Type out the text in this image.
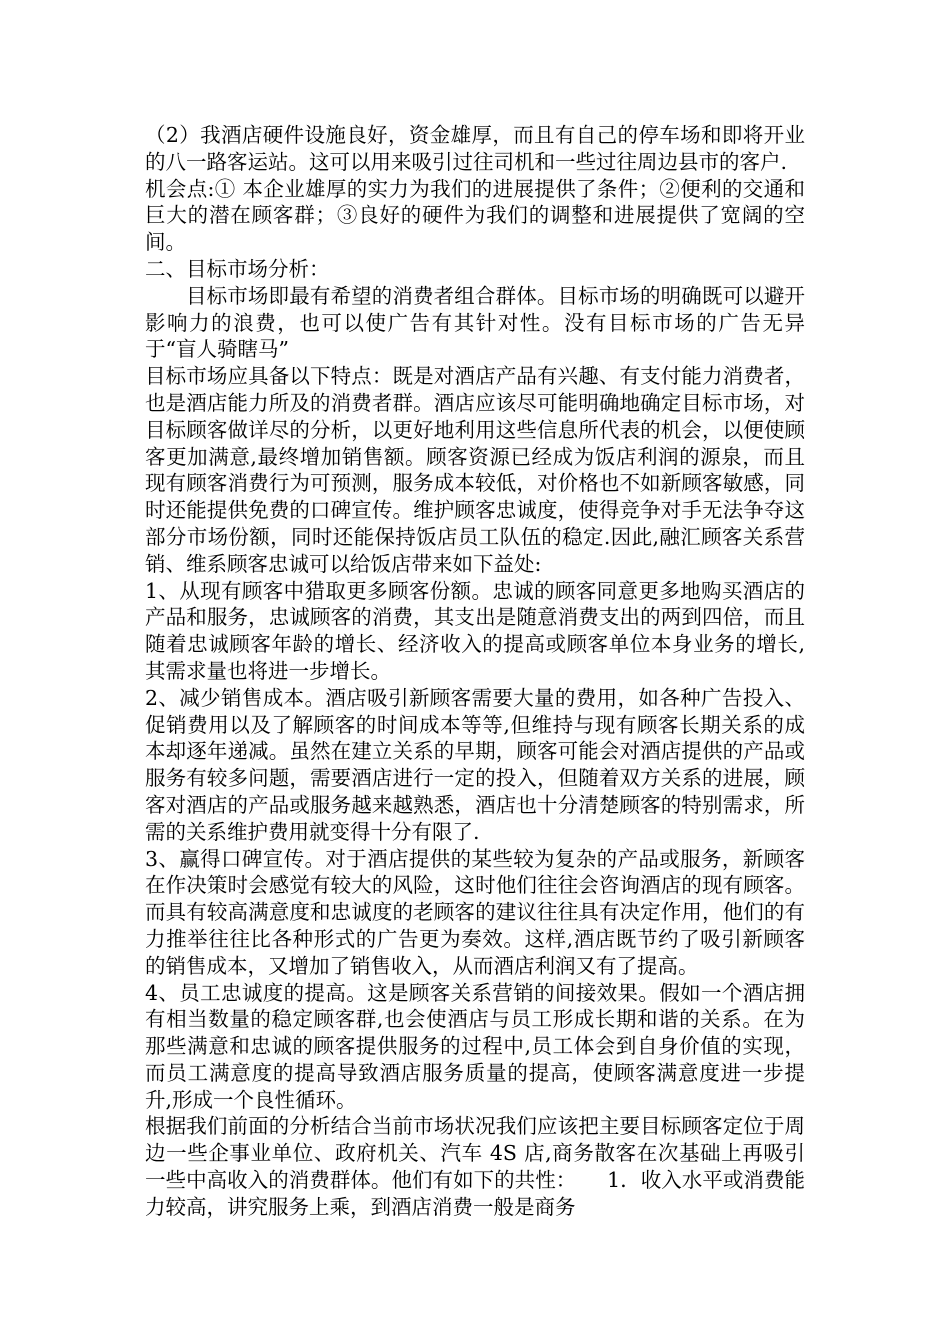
（2）我酒店硬件设施良好，资金雄厚，而且有自己的停车场和即将开业的八一路客运站。这可以用来吸引过往司机和一些过往周边县市的客户.

机会点:① 本企业雄厚的实力为我们的进展提供了条件；②便利的交通和巨大的潜在顾客群；③良好的硬件为我们的调整和进展提供了宽阔的空间。

二、目标市场分析：

目标市场即最有希望的消费者组合群体。目标市场的明确既可以避开影响力的浪费，也可以使广告有其针对性。没有目标市场的广告无异于“盲人骑瞎马”

目标市场应具备以下特点：既是对酒店产品有兴趣、有支付能力消费者，也是酒店能力所及的消费者群。酒店应该尽可能明确地确定目标市场，对目标顾客做详尽的分析，以更好地利用这些信息所代表的机会，以便使顾客更加满意,最终增加销售额。顾客资源已经成为饭店利润的源泉，而且现有顾客消费行为可预测，服务成本较低，对价格也不如新顾客敏感，同时还能提供免费的口碑宣传。维护顾客忠诚度，使得竞争对手无法争夺这部分市场份额，同时还能保持饭店员工队伍的稳定.因此,融汇顾客关系营销、维系顾客忠诚可以给饭店带来如下益处:

1、从现有顾客中猎取更多顾客份额。忠诚的顾客同意更多地购买酒店的产品和服务，忠诚顾客的消费，其支出是随意消费支出的两到四倍，而且随着忠诚顾客年龄的增长、经济收入的提高或顾客单位本身业务的增长,其需求量也将进一步增长。

2、减少销售成本。酒店吸引新顾客需要大量的费用，如各种广告投入、促销费用以及了解顾客的时间成本等等,但维持与现有顾客长期关系的成本却逐年递减。虽然在建立关系的早期，顾客可能会对酒店提供的产品或服务有较多问题，需要酒店进行一定的投入，但随着双方关系的进展，顾客对酒店的产品或服务越来越熟悉，酒店也十分清楚顾客的特别需求，所需的关系维护费用就变得十分有限了.

3、赢得口碑宣传。对于酒店提供的某些较为复杂的产品或服务，新顾客在作决策时会感觉有较大的风险，这时他们往往会咨询酒店的现有顾客。而具有较高满意度和忠诚度的老顾客的建议往往具有决定作用，他们的有力推举往往比各种形式的广告更为奏效。这样,酒店既节约了吸引新顾客的销售成本，又增加了销售收入，从而酒店利润又有了提高。

4、员工忠诚度的提高。这是顾客关系营销的间接效果。假如一个酒店拥有相当数量的稳定顾客群,也会使酒店与员工形成长期和谐的关系。在为那些满意和忠诚的顾客提供服务的过程中,员工体会到自身价值的实现，而员工满意度的提高导致酒店服务质量的提高，使顾客满意度进一步提升,形成一个良性循环。

根据我们前面的分析结合当前市场状况我们应该把主要目标顾客定位于周边一些企事业单位、政府机关、汽车 4S 店,商务散客在次基础上再吸引一些中高收入的消费群体。他们有如下的共性：　　1．收入水平或消费能力较高，讲究服务上乘，到酒店消费一般是商务
